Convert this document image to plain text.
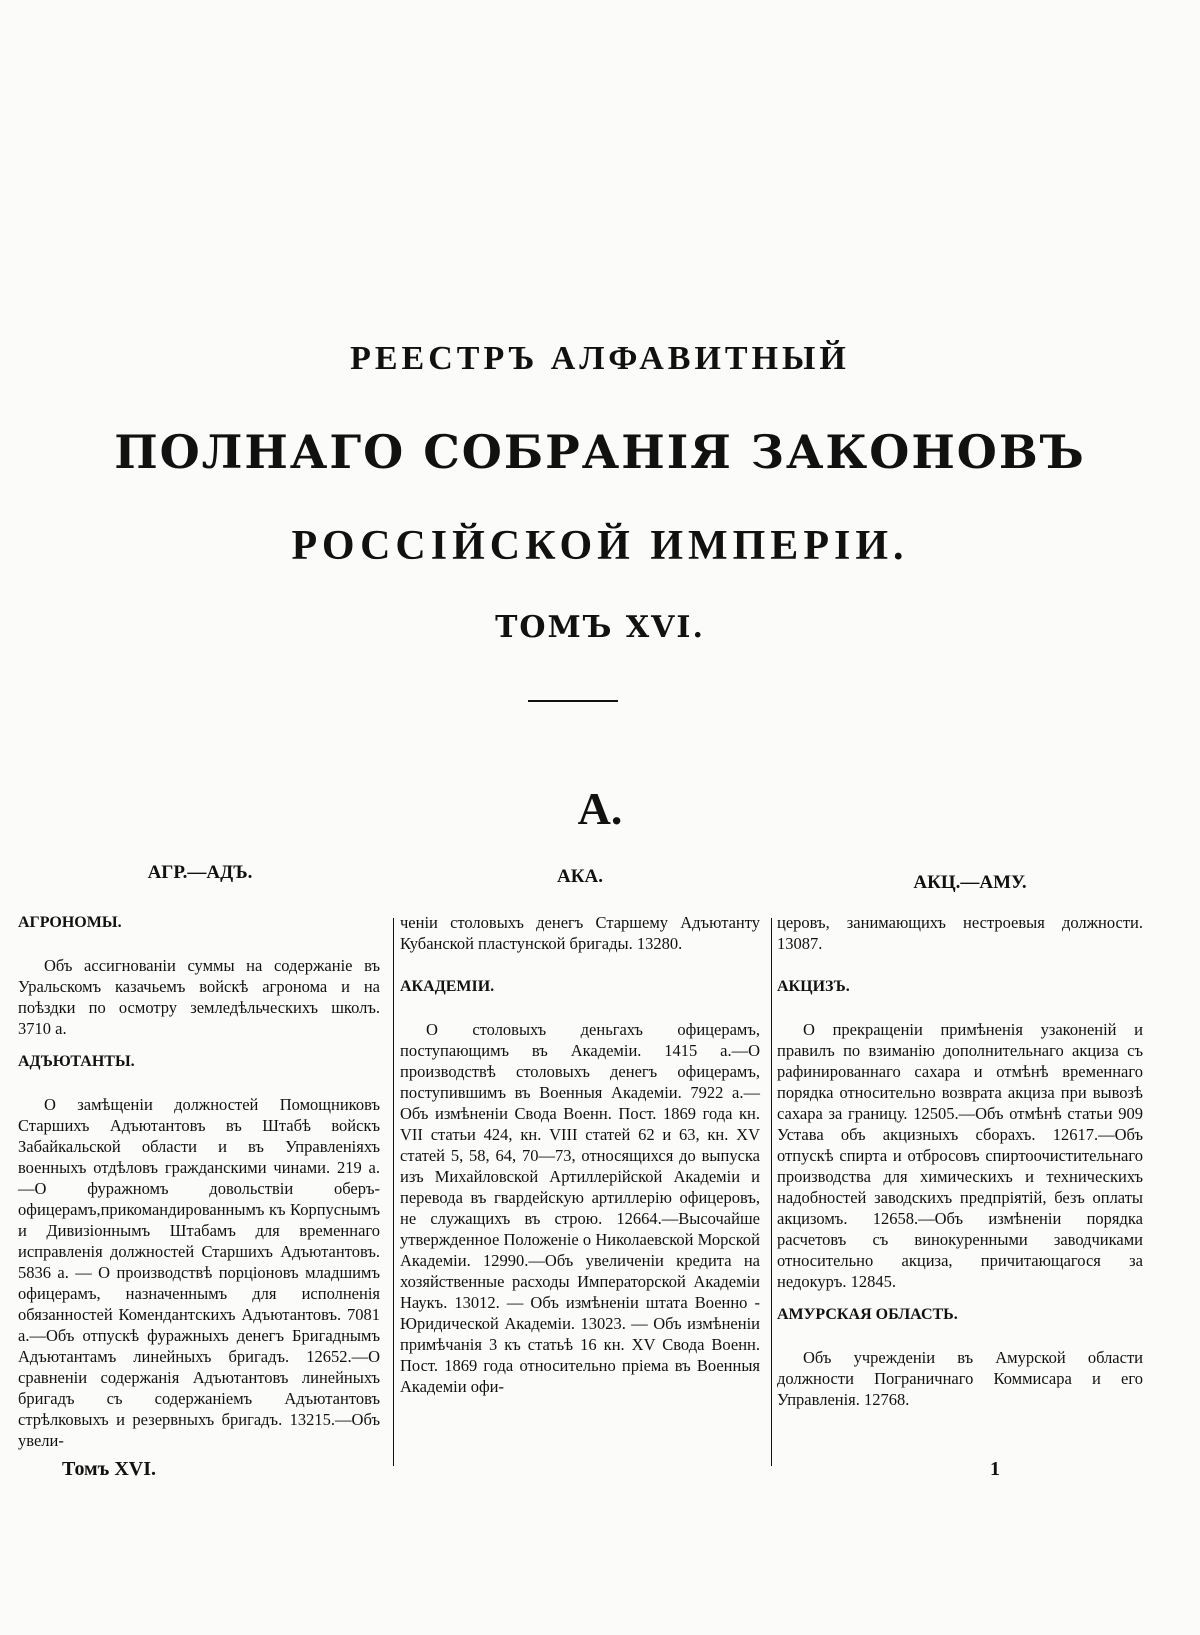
РЕЕСТРЪ АЛФАВИТНЫЙ
ПОЛНАГО СОБРАНІЯ ЗАКОНОВЪ
РОССІЙСКОЙ ИМПЕРІИ.
ТОМЪ XVI.
А.
АГР.—АДЪ.	АКА.	АКЦ.—АМУ.

АГРОНОМЫ.

Объ ассигнованіи суммы на содержаніе въ Уральскомъ казачьемъ войскѣ агронома и на поѣздки по осмотру земледѣльческихъ школъ. 3710 а.

АДЪЮТАНТЫ.

О замѣщеніи должностей Помощниковъ Старшихъ Адъютантовъ въ Штабѣ войскъ Забайкальской области и въ Управленіяхъ военныхъ отдѣловъ гражданскими чинами. 219 а.—О фуражномъ довольствіи оберъ-офицерамъ,прикомандированнымъ къ Корпуснымъ и Дивизіоннымъ Штабамъ для временнаго исправленія должностей Старшихъ Адъютантовъ. 5836 а. — О производствѣ порціоновъ младшимъ офицерамъ, назначеннымъ для исполненія обязанностей Комендантскихъ Адъютантовъ. 7081 а.—Объ отпускѣ фуражныхъ денегъ Бригаднымъ Адъютантамъ линейныхъ бригадъ. 12652.—О сравненіи содержанія Адъютантовъ линейныхъ бригадъ съ содержаніемъ Адъютантовъ стрѣлковыхъ и резервныхъ бригадъ. 13215.—Объ увели-

ченіи столовыхъ денегъ Старшему Адъютанту Кубанской пластунской бригады. 13280.

АКАДЕМІИ.

О столовыхъ деньгахъ офицерамъ, поступающимъ въ Академіи. 1415 а.—О производствѣ столовыхъ денегъ офицерамъ, поступившимъ въ Военныя Академіи. 7922 а.—Объ измѣненіи Свода Военн. Пост. 1869 года кн. VII статьи 424, кн. VIII статей 62 и 63, кн. XV статей 5, 58, 64, 70—73, относящихся до выпуска изъ Михайловской Артиллерійской Академіи и перевода въ гвардейскую артиллерію офицеровъ, не служащихъ въ строю. 12664.—Высочайше утвержденное Положеніе о Николаевской Морской Академіи. 12990.—Объ увеличеніи кредита на хозяйственные расходы Императорской Академіи Наукъ. 13012. — Объ измѣненіи штата Военно - Юридической Академіи. 13023. — Объ измѣненіи примѣчанія 3 къ статьѣ 16 кн. XV Свода Военн. Пост. 1869 года относительно пріема въ Военныя Академіи офи-

церовъ, занимающихъ нестроевыя должности. 13087.

АКЦИЗЪ.

О прекращеніи примѣненія узаконеній и правилъ по взиманію дополнительнаго акциза съ рафинированнаго сахара и отмѣнѣ временнаго порядка относительно возврата акциза при вывозѣ сахара за границу. 12505.—Объ отмѣнѣ статьи 909 Устава объ акцизныхъ сборахъ. 12617.—Объ отпускѣ спирта и отбросовъ спиртоочистительнаго производства для химическихъ и техническихъ надобностей заводскихъ предпріятій, безъ оплаты акцизомъ. 12658.—Объ измѣненіи порядка расчетовъ съ винокуренными заводчиками относительно акциза, причитающагося за недокуръ. 12845.

АМУРСКАЯ ОБЛАСТЬ.

Объ учрежденіи въ Амурской области должности Пограничнаго Коммисара и его Управленія. 12768.

Томъ XVI.	1
